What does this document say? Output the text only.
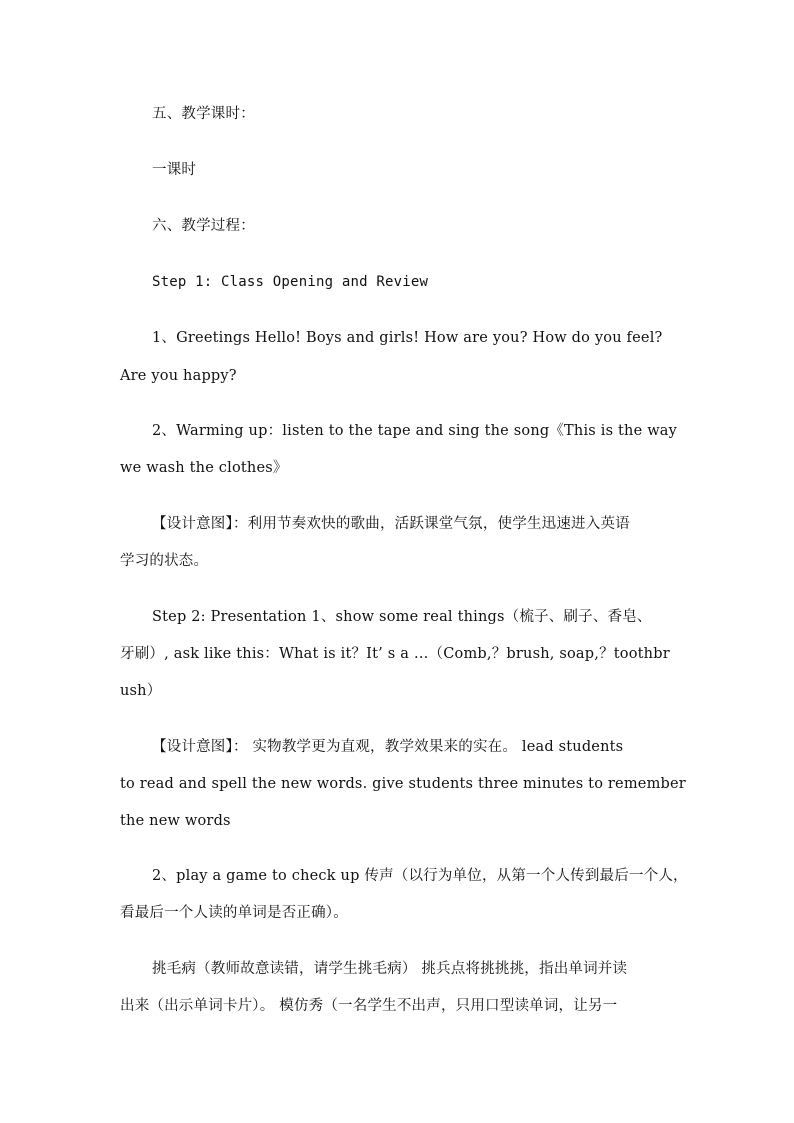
五、教学课时：
一课时
六、教学过程：
Step 1: Class Opening and Review
1、Greetings Hello! Boys and girls! How are you? How do you feel?
Are you happy?
2、Warming up：listen to the tape and sing the song《This is the way
we wash the clothes》
【设计意图】：利用节奏欢快的歌曲，活跃课堂气氛，使学生迅速进入英语
学习的状态。
Step 2: Presentation 1、show some real things（梳子、刷子、香皂、
牙刷）, ask like this：What is it？It’ s a …（Comb,？brush, soap,？toothbr
ush）
【设计意图】： 实物教学更为直观，教学效果来的实在。 lead students
to read and spell the new words. give students three minutes to remember
the new words
2、play a game to check up 传声（以行为单位，从第一个人传到最后一个人，
看最后一个人读的单词是否正确）。
挑毛病（教师故意读错，请学生挑毛病） 挑兵点将挑挑挑，指出单词并读
出来（出示单词卡片）。 模仿秀（一名学生不出声，只用口型读单词，让另一
